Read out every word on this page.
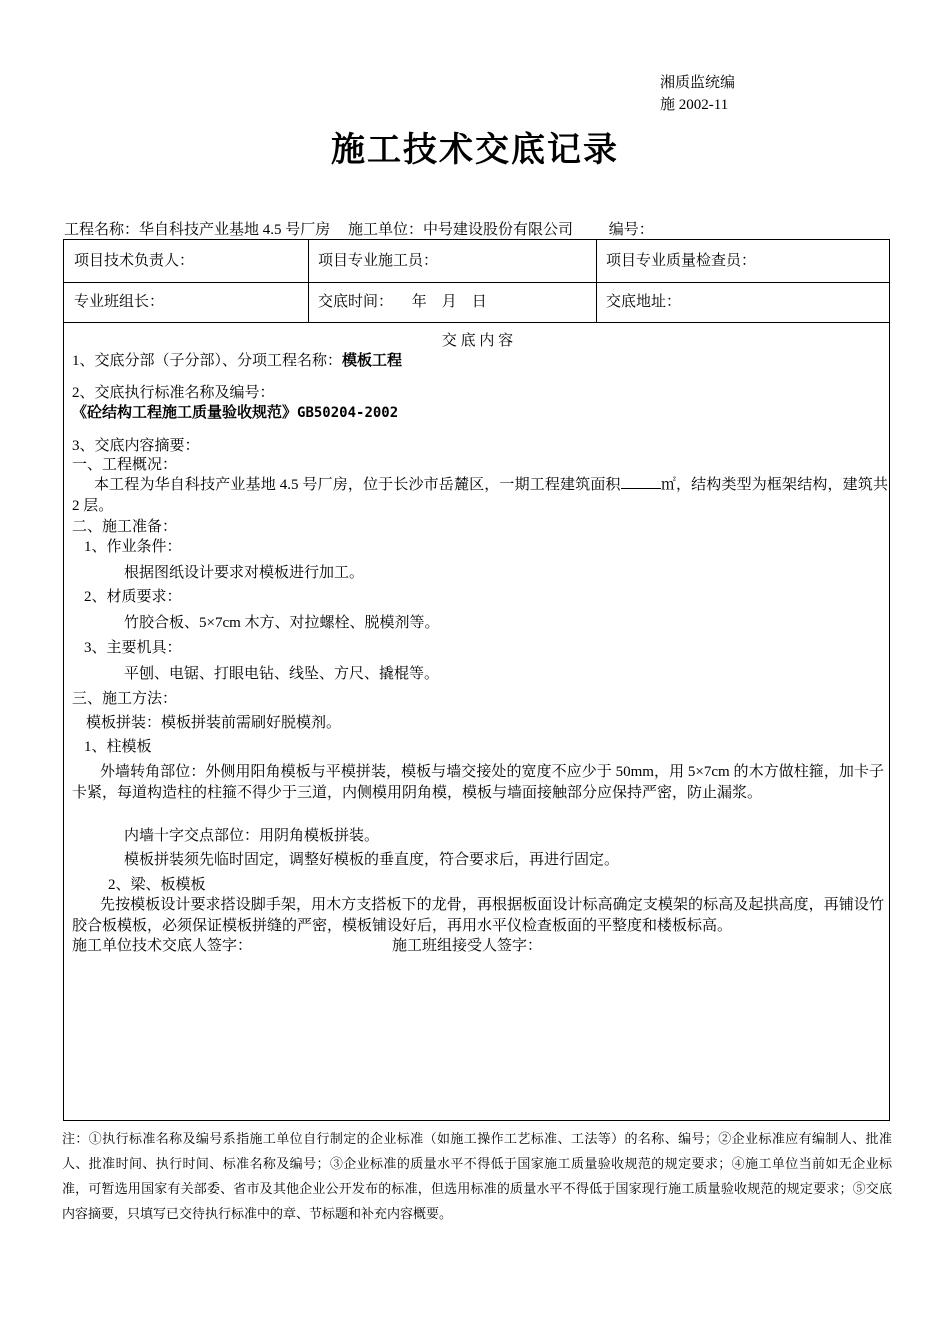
湘质监统编
施 2002-11
施工技术交底记录
工程名称：华自科技产业基地 4.5 号厂房 施工单位：中号建设股份有限公司 编号：
项目技术负责人：	项目专业施工员：	项目专业质量检查员：
专业班组长：	交底时间：     年    月    日	交底地址：
交 底 内 容
1、交底分部（子分部）、分项工程名称：模板工程
2、交底执行标准名称及编号：
《砼结构工程施工质量验收规范》GB50204-2002
3、交底内容摘要：
一、工程概况：
本工程为华自科技产业基地 4.5 号厂房，位于长沙市岳麓区，一期工程建筑面积	㎡，结构类型为框架结构，建筑共 2 层。
二、施工准备：
1、作业条件：
根据图纸设计要求对模板进行加工。
2、材质要求：
竹胶合板、5×7cm 木方、对拉螺栓、脱模剂等。
3、主要机具：
平刨、电锯、打眼电钻、线坠、方尺、撬棍等。
三、施工方法：
模板拼装：模板拼装前需刷好脱模剂。
1、柱模板
外墙转角部位：外侧用阳角模板与平模拼装，模板与墙交接处的宽度不应少于 50mm，用 5×7cm 的木方做柱箍，加卡子卡紧，每道构造柱的柱箍不得少于三道，内侧模用阴角模，模板与墙面接触部分应保持严密，防止漏浆。
内墙十字交点部位：用阴角模板拼装。
模板拼装须先临时固定，调整好模板的垂直度，符合要求后，再进行固定。
2、梁、板模板
先按模板设计要求搭设脚手架，用木方支搭板下的龙骨，再根据板面设计标高确定支模架的标高及起拱高度，再铺设竹胶合板模板，必须保证模板拼缝的严密，模板铺设好后，再用水平仪检查板面的平整度和楼板标高。
施工单位技术交底人签字：	施工班组接受人签字：
注：①执行标准名称及编号系指施工单位自行制定的企业标准（如施工操作工艺标准、工法等）的名称、编号；②企业标准应有编制人、批准人、批准时间、执行时间、标准名称及编号；③企业标准的质量水平不得低于国家施工质量验收规范的规定要求；④施工单位当前如无企业标准，可暂选用国家有关部委、省市及其他企业公开发布的标准，但选用标准的质量水平不得低于国家现行施工质量验收规范的规定要求；⑤交底内容摘要，只填写已交待执行标准中的章、节标题和补充内容概要。
